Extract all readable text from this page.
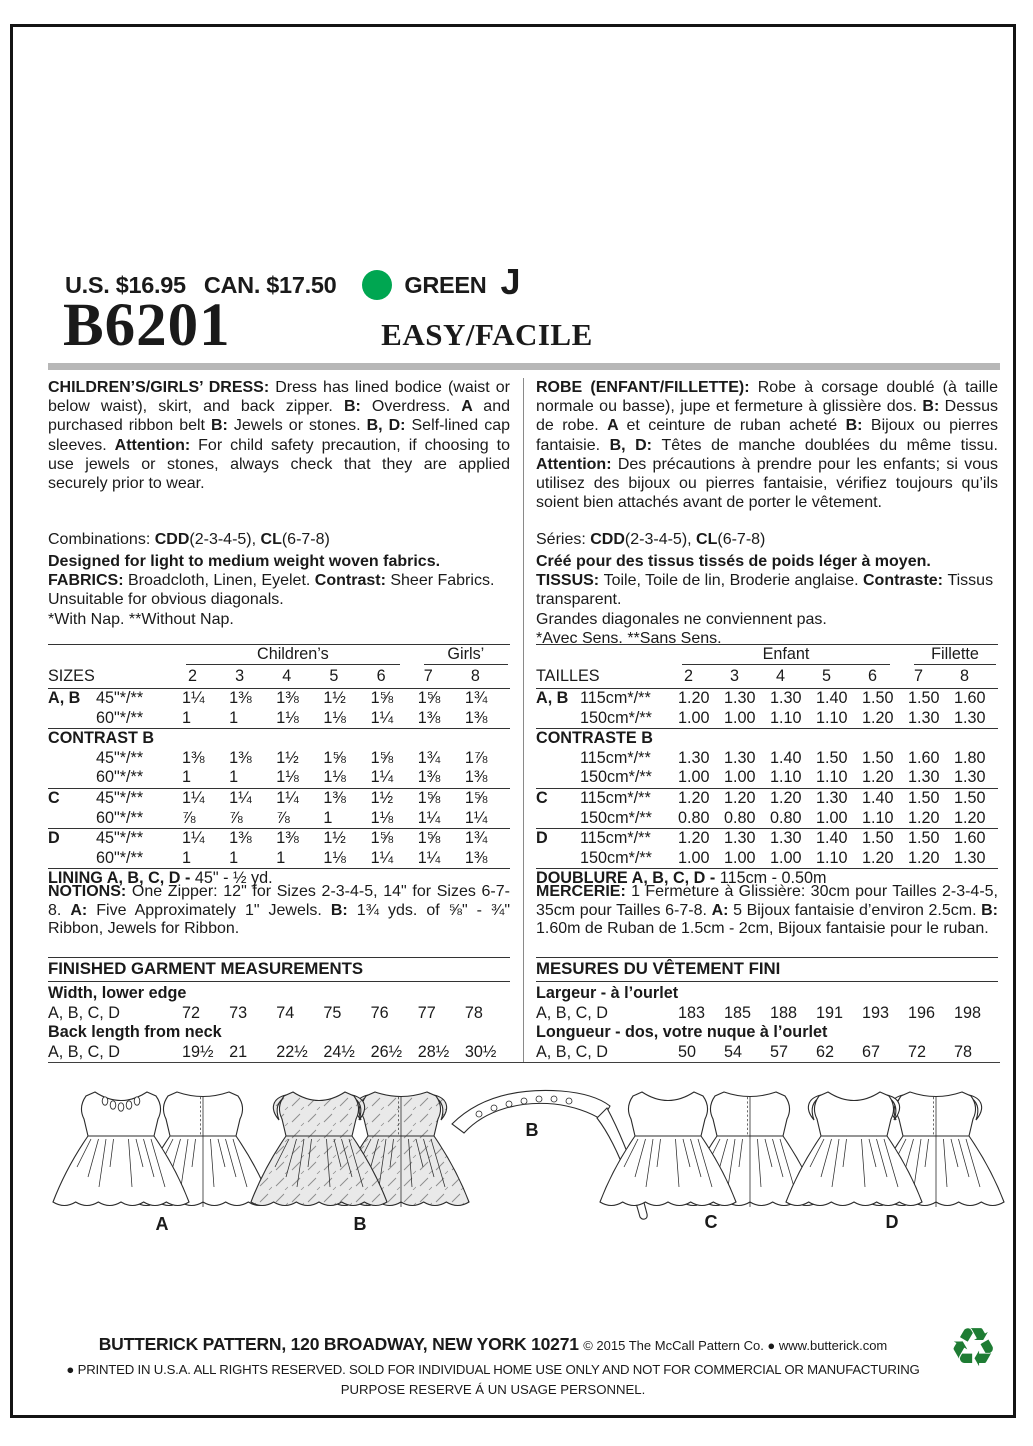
U.S. $16.95 CAN. $17.50	GREEN J
B6201	EASY/FACILE
CHILDREN’S/GIRLS’ DRESS: Dress has lined bodice (waist or below waist), skirt, and back zipper. B: Overdress. A and purchased ribbon belt B: Jewels or stones. B, D: Self-lined cap sleeves. Attention: For child safety precaution, if choosing to use jewels or stones, always check that they are applied securely prior to wear.
Combinations: CDD(2-3-4-5), CL(6-7-8)
Designed for light to medium weight woven fabrics.
FABRICS: Broadcloth, Linen, Eyelet. Contrast: Sheer Fabrics.
Unsuitable for obvious diagonals.
*With Nap. **Without Nap.
Children’s	Girls’
SIZES	2	3	4	5	6	7	8
A, B 45"*/**	1¼	1⅜	1⅜	1½	1⅝	1⅝	1¾
60"*/**	1	1	1⅛	1⅛	1¼	1⅜	1⅜
CONTRAST B
45"*/**	1⅜	1⅜	1½	1⅝	1⅝	1¾	1⅞
60"*/**	1	1	1⅛	1⅛	1¼	1⅜	1⅜
C	45"*/**	1¼	1¼	1¼	1⅜	1½	1⅝	1⅝
60"*/**	⅞	⅞	⅞	1	1⅛	1¼	1¼
D	45"*/**	1¼	1⅜	1⅜	1½	1⅝	1⅝	1¾
60"*/**	1	1	1	1⅛	1¼	1¼	1⅜
LINING A, B, C, D - 45" - ½ yd.
NOTIONS: One Zipper: 12" for Sizes 2-3-4-5, 14" for Sizes 6-7-8. A: Five Approximately 1" Jewels. B: 1¾ yds. of ⅝" - ¾" Ribbon, Jewels for Ribbon.
FINISHED GARMENT MEASUREMENTS
Width, lower edge
A, B, C, D	72	73	74	75	76	77	78
Back length from neck
A, B, C, D	19½ 21	22½ 24½ 26½ 28½ 30½
ROBE (ENFANT/FILLETTE): Robe à corsage doublé (à taille normale ou basse), jupe et fermeture à glissière dos. B: Dessus de robe. A et ceinture de ruban acheté B: Bijoux ou pierres fantaisie. B, D: Têtes de manche doublées du même tissu. Attention: Des précautions à prendre pour les enfants; si vous utilisez des bijoux ou pierres fantaisie, vérifiez toujours qu’ils soient bien attachés avant de porter le vêtement.
Séries: CDD(2-3-4-5), CL(6-7-8)
Créé pour des tissus tissés de poids léger à moyen.
TISSUS: Toile, Toile de lin, Broderie anglaise. Contraste: Tissus
transparent.
Grandes diagonales ne conviennent pas.
*Avec Sens. **Sans Sens.
Enfant	Fillette
TAILLES	2	3	4	5	6	7	8
A, B 115cm*/**	1.20 1.30 1.30 1.40 1.50 1.50 1.60
150cm*/**	1.00 1.00 1.10 1.10 1.20 1.30 1.30
CONTRASTE B
115cm*/**	1.30 1.30 1.40 1.50 1.50 1.60 1.80
150cm*/**	1.00 1.00 1.10 1.10 1.20 1.30 1.30
C	115cm*/**	1.20 1.20 1.20 1.30 1.40 1.50 1.50
150cm*/**	0.80 0.80 0.80 1.00 1.10 1.20 1.20
D	115cm*/**	1.20 1.30 1.30 1.40 1.50 1.50 1.60
150cm*/**	1.00 1.00 1.00 1.10 1.20 1.20 1.30
DOUBLURE A, B, C, D - 115cm - 0.50m
MERCERIE: 1 Fermeture à Glissière: 30cm pour Tailles 2-3-4-5, 35cm pour Tailles 6-7-8. A: 5 Bijoux fantaisie d’environ 2.5cm. B: 1.60m de Ruban de 1.5cm - 2cm, Bijoux fantaisie pour le ruban.
MESURES DU VÊTEMENT FINI
Largeur - à l’ourlet
A, B, C, D	183	185	188	191	193	196	198
Longueur - dos, votre nuque à l’ourlet
A, B, C, D	50	54	57	62	67	72	78
A	B
B
C	D
BUTTERICK PATTERN, 120 BROADWAY, NEW YORK 10271 © 2015 The McCall Pattern Co. ● www.butterick.com
● PRINTED IN U.S.A. ALL RIGHTS RESERVED. SOLD FOR INDIVIDUAL HOME USE ONLY AND NOT FOR COMMERCIAL OR MANUFACTURING
PURPOSE RESERVE Á UN USAGE PERSONNEL.
♻
